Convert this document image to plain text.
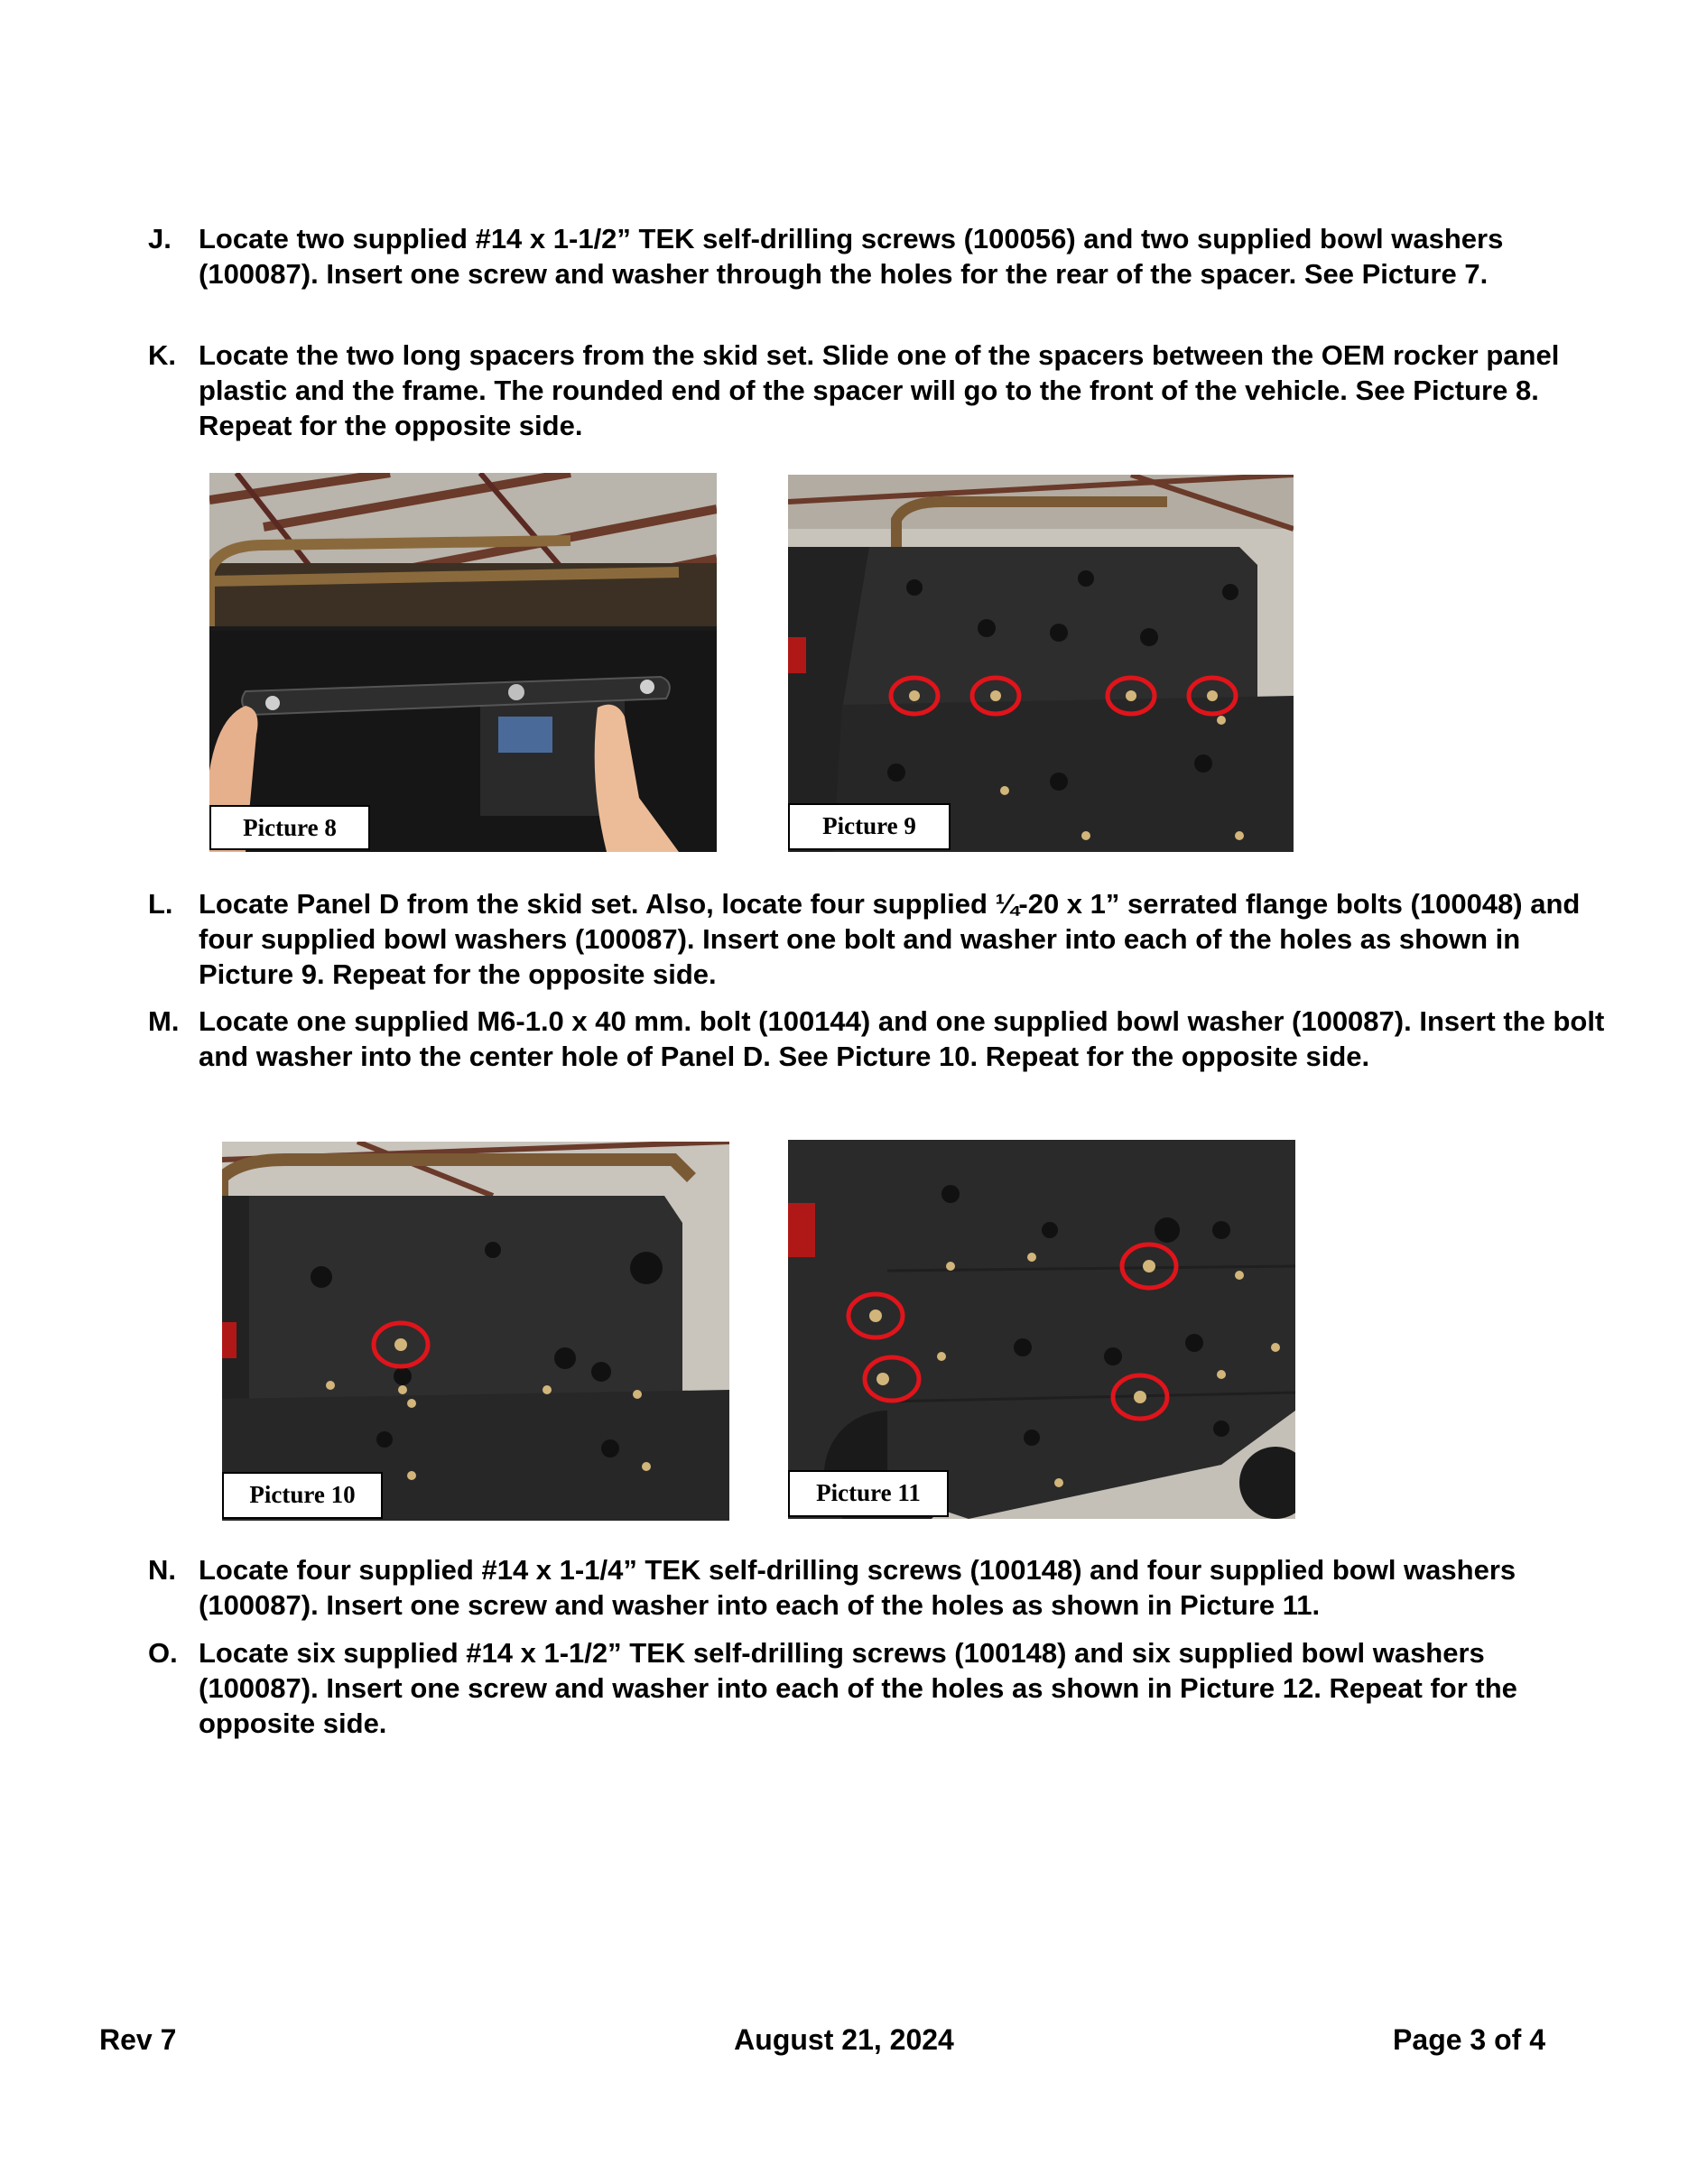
J. Locate two supplied #14 x 1-1/2” TEK self-drilling screws (100056) and two supplied bowl washers (100087). Insert one screw and washer through the holes for the rear of the spacer. See Picture 7.
K. Locate the two long spacers from the skid set. Slide one of the spacers between the OEM rocker panel plastic and the frame. The rounded end of the spacer will go to the front of the vehicle. See Picture 8. Repeat for the opposite side.
Picture 8	Picture 9
L. Locate Panel D from the skid set. Also, locate four supplied ¼-20 x 1” serrated flange bolts (100048) and four supplied bowl washers (100087). Insert one bolt and washer into each of the holes as shown in Picture 9. Repeat for the opposite side.
M. Locate one supplied M6-1.0 x 40 mm. bolt (100144) and one supplied bowl washer (100087). Insert the bolt and washer into the center hole of Panel D. See Picture 10. Repeat for the opposite side.
Picture 10	Picture 11
N. Locate four supplied #14 x 1-1/4” TEK self-drilling screws (100148) and four supplied bowl washers (100087). Insert one screw and washer into each of the holes as shown in Picture 11.
O. Locate six supplied #14 x 1-1/2” TEK self-drilling screws (100148) and six supplied bowl washers (100087). Insert one screw and washer into each of the holes as shown in Picture 12. Repeat for the opposite side.
Rev 7	August 21, 2024	Page 3 of 4
